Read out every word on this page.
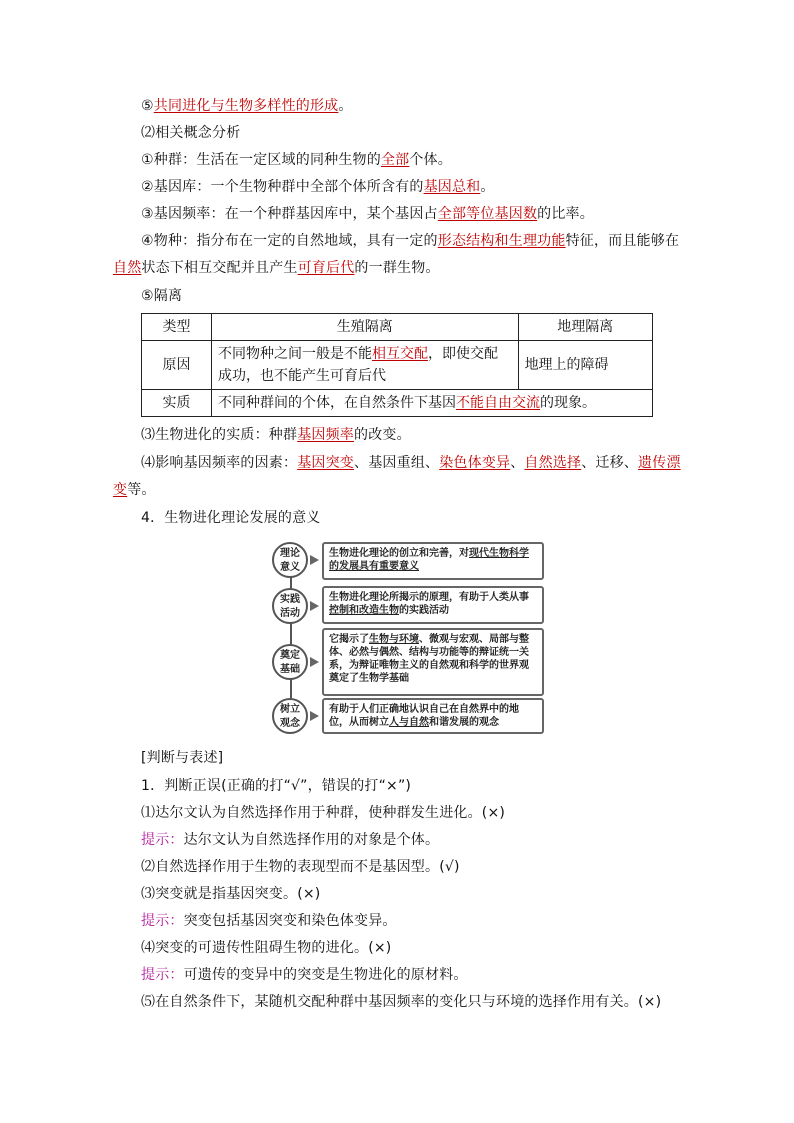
⑤共同进化与生物多样性的形成。
⑵相关概念分析
①种群：生活在一定区域的同种生物的全部个体。
②基因库：一个生物种群中全部个体所含有的基因总和。
③基因频率：在一个种群基因库中，某个基因占全部等位基因数的比率。
④物种：指分布在一定的自然地域，具有一定的形态结构和生理功能特征，而且能够在
自然状态下相互交配并且产生可育后代的一群生物。
⑤隔离
类型	生殖隔离	地理隔离
原因	不同物种之间一般是不能相互交配，即使交配
成功，也不能产生可育后代	地理上的障碍
实质	不同种群间的个体，在自然条件下基因不能自由交流的现象。	
⑶生物进化的实质：种群基因频率的改变。
⑷影响基因频率的因素：基因突变、基因重组、染色体变异、自然选择、迁移、遗传漂
变等。
4．生物进化理论发展的意义
理论
意义
生物进化理论的创立和完善，对现代生物科学的发展具有重要意义
实践
活动
生物进化理论所揭示的原理，有助于人类从事控制和改造生物的实践活动
奠定
基础
它揭示了生物与环境、微观与宏观、局部与整体、必然与偶然、结构与功能等的辩证统一关系，为辩证唯物主义的自然观和科学的世界观奠定了生物学基础
树立
观念
有助于人们正确地认识自己在自然界中的地位，从而树立人与自然和谐发展的观念
[判断与表述]
1．判断正误(正确的打“√”，错误的打“×”)
⑴达尔文认为自然选择作用于种群，使种群发生进化。(×)
提示：达尔文认为自然选择作用的对象是个体。
⑵自然选择作用于生物的表现型而不是基因型。(√)
⑶突变就是指基因突变。(×)
提示：突变包括基因突变和染色体变异。
⑷突变的可遗传性阻碍生物的进化。(×)
提示：可遗传的变异中的突变是生物进化的原材料。
⑸在自然条件下，某随机交配种群中基因频率的变化只与环境的选择作用有关。(×)
